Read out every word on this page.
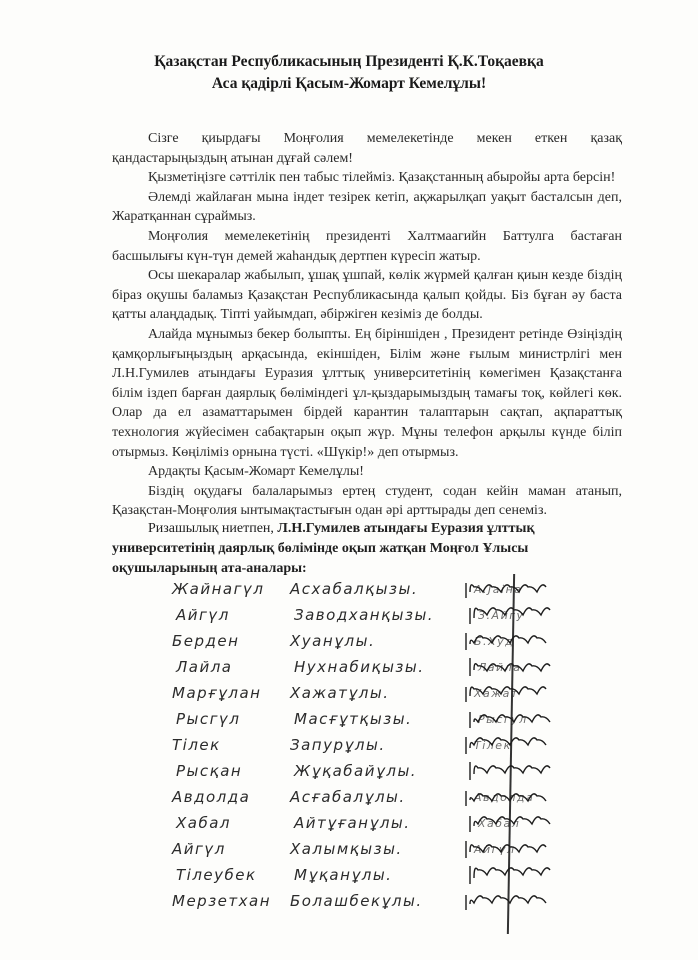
Қазақстан Республикасының Президенті Қ.К.Тоқаевқа
Аса қадірлі Қасым-Жомарт Кемелұлы!

Сізге қиырдағы Моңғолия мемелекетінде мекен еткен қазақ қандастарыңыздың атынан дұғай сәлем!

Қызметіңізге сәттілік пен табыс тілейміз. Қазақстанның абыройы арта берсін!

Әлемді жайлаған мына індет тезірек кетіп, ақжарылқап уақыт басталсын деп, Жаратқаннан сұраймыз.

Моңғолия мемелекетінің президенті Халтмаагийн Баттулга бастаған басшылығы күн-түн демей жаһандық дертпен күресіп жатыр.

Осы шекаралар жабылып, ұшақ ұшпай, көлік жүрмей қалған қиын кезде біздің біраз оқушы баламыз Қазақстан Республикасында қалып қойды. Біз бұған әу баста қатты алаңдадық. Тіпті уайымдап, әбіржіген кезіміз де болды.

Алайда мұнымыз бекер болыпты. Ең біріншіден , Президент ретінде Өзіңіздің қамқорлығыңыздың арқасында, екіншіден, Білім және ғылым министрлігі мен Л.Н.Гумилев атындағы Еуразия ұлттық университетінің көмегімен Қазақстанға білім іздеп барған даярлық бөліміндегі ұл-қыздарымыздың тамағы тоқ, көйлегі көк. Олар да ел азаматтарымен бірдей карантин талаптарын сақтап, ақпараттық технология жүйесімен сабақтарын оқып жүр. Мұны телефон арқылы күнде біліп отырмыз. Көңіліміз орнына түсті. «Шүкір!» деп отырмыз.

Ардақты Қасым-Жомарт Кемелұлы!

Біздің оқудағы балаларымыз ертең студент, содан кейін маман атанып, Қазақстан-Моңғолия ынтымақтастығын одан әрі арттырады деп сенеміз.

Ризашылық ниетпен, Л.Н.Гумилев атындағы Еуразия ұлттық университетінің даярлық бөлімінде оқып жатқан Моңғол Ұлысы оқушыларының ата-аналары:

Жайнагүл	Асхабалқызы.	А.Јаіна
Айгүл	Заводханқызы.	З.Айгу
Берден	Хуанұлы.	Б.Худ
Лайла	Нухнабиқызы.	Лайла
Марғұлан	Хажатұлы.	Хажат
Рысгүл	Масғұтқызы.	Рысгул
Тілек	Запурұлы.	Тілек
Рысқан	Жұқабайұлы.
Авдолда	Асғабалұлы.	Авдолда
Хабал	Айтұғанұлы.	Хабал
Айгүл	Халымқызы.	Айгүл
Тілеубек	Мұқанұлы.
Мерзетхан	Болашбекұлы.
